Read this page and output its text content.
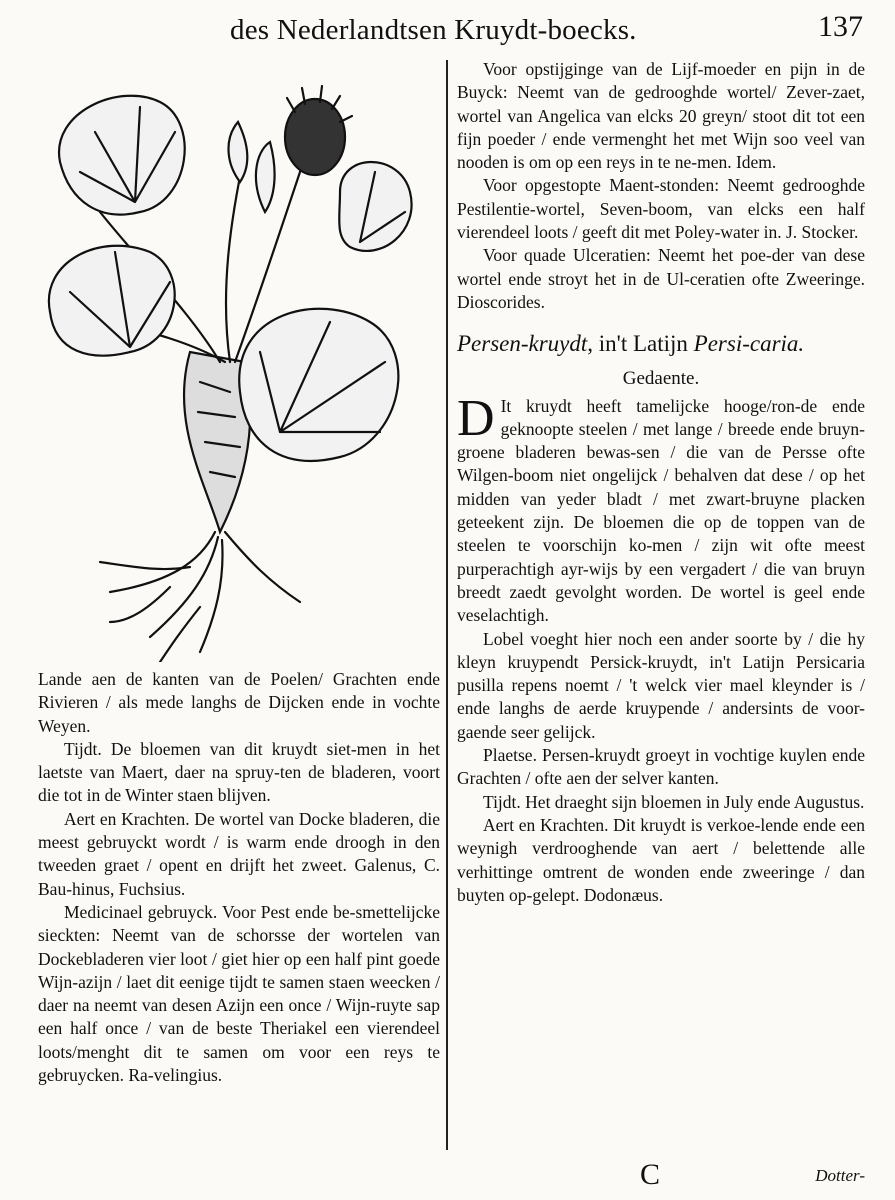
des Nederlandtsen Kruydt-boecks.	137

Lande aen de kanten van de Poelen/ Grachten ende Rivieren / als mede langhs de Dijcken ende in vochte Weyen.

Tijdt. De bloemen van dit kruydt siet-men in het laetste van Maert, daer na spruy-ten de bladeren, voort die tot in de Winter staen blijven.

Aert en Krachten. De wortel van Docke bladeren, die meest gebruyckt wordt / is warm ende droogh in den tweeden graet / opent en drijft het zweet. Galenus, C. Bau-hinus, Fuchsius.

Medicinael gebruyck. Voor Pest ende be-smettelijcke sieckten: Neemt van de schorsse der wortelen van Dockebladeren vier loot / giet hier op een half pint goede Wijn-azijn / laet dit eenige tijdt te samen staen weecken / daer na neemt van desen Azijn een once / Wijn-ruyte sap een half once / van de beste Theriakel een vierendeel loots/menght dit te samen om voor een reys te gebruycken. Ra-velingius.

Voor opstijginge van de Lijf-moeder en pijn in de Buyck: Neemt van de gedrooghde wortel/ Zever-zaet, wortel van Angelica van elcks 20 greyn/ stoot dit tot een fijn poeder / ende vermenght het met Wijn soo veel van nooden is om op een reys in te ne-men. Idem.

Voor opgestopte Maent-stonden: Neemt gedrooghde Pestilentie-wortel, Seven-boom, van elcks een half vierendeel loots / geeft dit met Poley-water in. J. Stocker.

Voor quade Ulceratien: Neemt het poe-der van dese wortel ende stroyt het in de Ul-ceratien ofte Zweeringe. Dioscorides.

Persen-kruydt, in't Latijn Persi-caria.
Gedaente.

D It kruydt heeft tamelijcke hooge/ron-de ende geknoopte steelen / met lange / breede ende bruyn-groene bladeren bewas-sen / die van de Persse ofte Wilgen-boom niet ongelijck / behalven dat dese / op het midden van yeder bladt / met zwart-bruyne placken geteekent zijn. De bloemen die op de toppen van de steelen te voorschijn ko-men / zijn wit ofte meest purperachtigh ayr-wijs by een vergadert / die van bruyn breedt zaedt gevolght worden. De wortel is geel ende veselachtigh.

Lobel voeght hier noch een ander soorte by / die hy kleyn kruypendt Persick-kruydt, in't Latijn Persicaria pusilla repens noemt / 't welck vier mael kleynder is / ende langhs de aerde kruypende / andersints de voor-gaende seer gelijck.

Plaetse. Persen-kruydt groeyt in vochtige kuylen ende Grachten / ofte aen der selver kanten.

Tijdt. Het draeght sijn bloemen in July ende Augustus.

Aert en Krachten. Dit kruydt is verkoe-lende ende een weynigh verdrooghende van aert / belettende alle verhittinge omtrent de wonden ende zweeringe / dan buyten op-gelept. Dodonæus.

C	Dotter-
